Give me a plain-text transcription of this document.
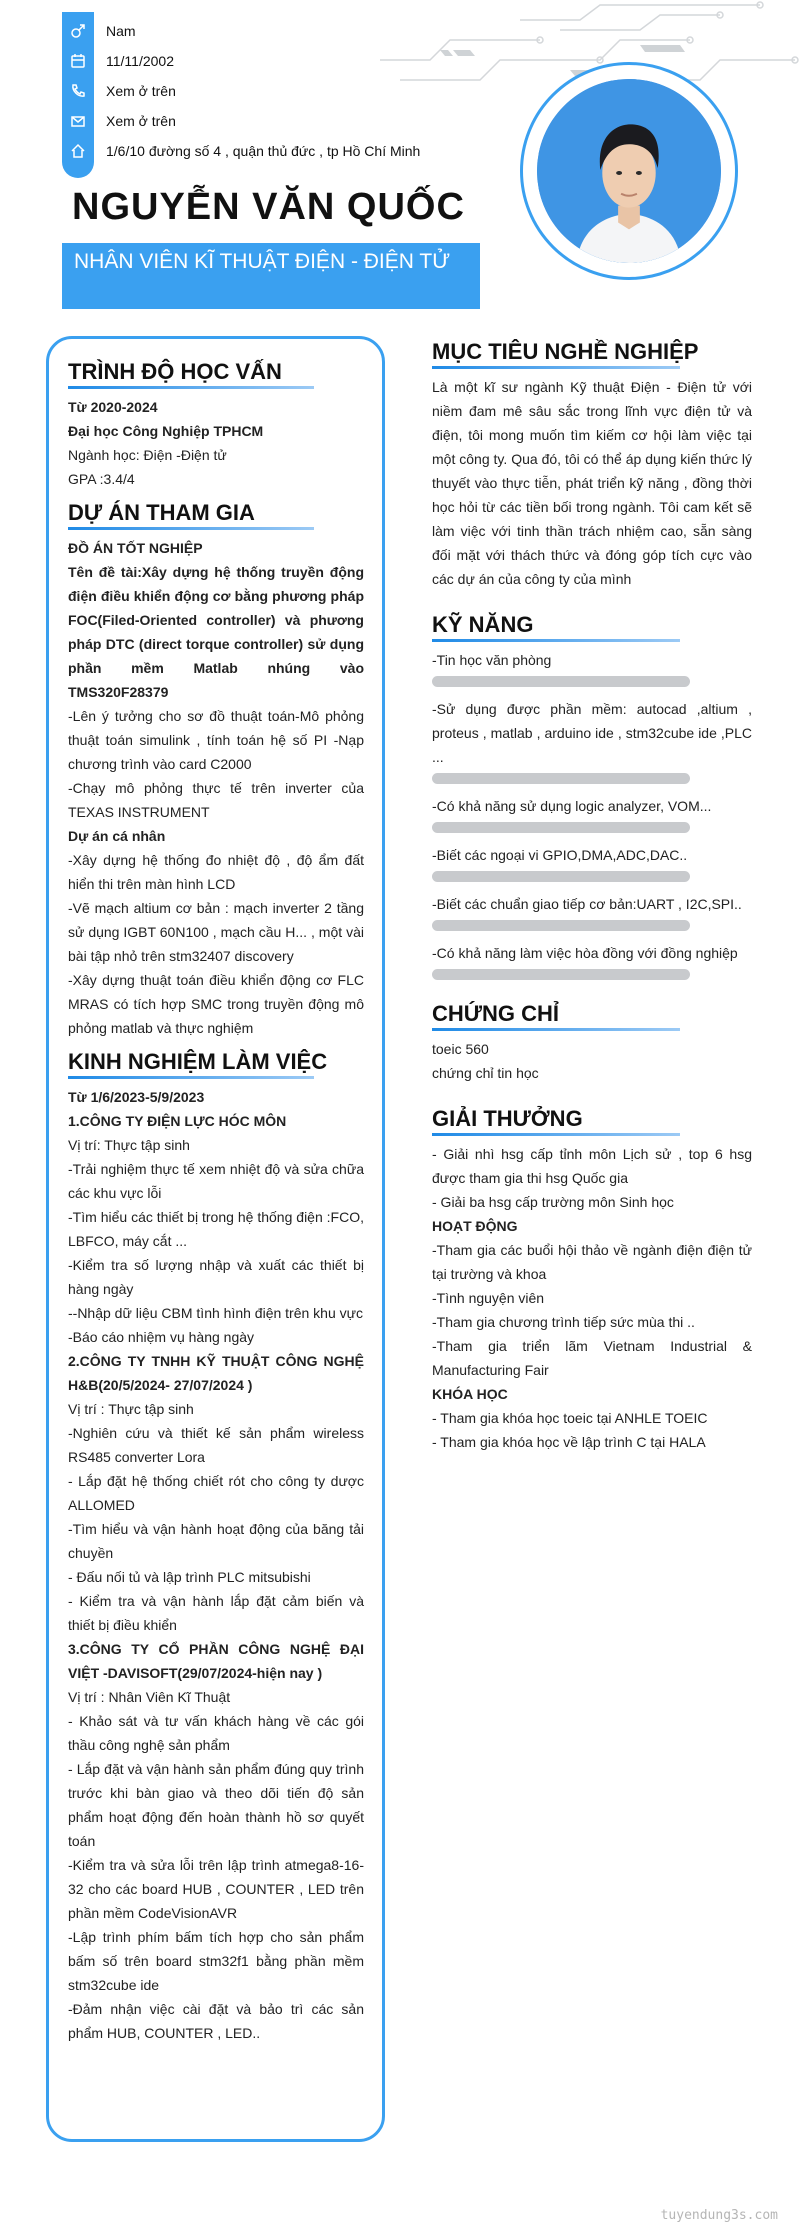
Nam
11/11/2002
Xem ở trên
Xem ở trên
1/6/10 đường số 4 , quận thủ đức , tp Hồ Chí Minh
NGUYỄN VĂN QUỐC
NHÂN VIÊN KĨ THUẬT ĐIỆN - ĐIỆN TỬ
TRÌNH ĐỘ HỌC VẤN
Từ 2020-2024
Đại học Công Nghiệp TPHCM
Ngành học: Điện -Điện tử
GPA :3.4/4
DỰ ÁN THAM GIA
ĐỒ ÁN TỐT NGHIỆP
Tên đề tài:Xây dựng hệ thống truyền động điện điều khiển động cơ bằng phương pháp FOC(Filed-Oriented controller) và phương pháp DTC (direct torque controller) sử dụng phần mềm Matlab nhúng vào TMS320F28379
-Lên ý tưởng cho sơ đồ thuật toán-Mô phỏng thuật toán simulink , tính toán hệ số PI -Nạp chương trình vào card C2000
-Chạy mô phỏng thực tế trên inverter của TEXAS INSTRUMENT
Dự án cá nhân
-Xây dựng hệ thống đo nhiệt độ , độ ẩm đất hiển thi trên màn hình LCD
-Vẽ mạch altium cơ bản : mạch inverter 2 tầng sử dụng IGBT 60N100 , mạch cầu H... , một vài bài tập nhỏ trên stm32407 discovery
-Xây dựng thuật toán điều khiển động cơ FLC MRAS có tích hợp SMC trong truyền động mô phỏng matlab và thực nghiệm
KINH NGHIỆM LÀM VIỆC
Từ 1/6/2023-5/9/2023
1.CÔNG TY ĐIỆN LỰC HÓC MÔN
Vị trí: Thực tập sinh
-Trải nghiệm thực tế xem nhiệt độ và sửa chữa các khu vực lỗi
-Tìm hiểu các thiết bị trong hệ thống điện :FCO, LBFCO, máy cắt ...
-Kiểm tra số lượng nhập và xuất các thiết bị hàng ngày
--Nhập dữ liệu CBM tình hình điện trên khu vực
-Báo cáo nhiệm vụ hàng ngày
2.CÔNG TY TNHH KỸ THUẬT CÔNG NGHỆ H&B(20/5/2024- 27/07/2024 )
Vị trí : Thực tập sinh
-Nghiên cứu và thiết kế sản phẩm wireless RS485 converter Lora
- Lắp đặt hệ thống chiết rót cho công ty dược ALLOMED
-Tìm hiểu và vận hành hoạt động của băng tải chuyền
- Đấu nối tủ và lập trình PLC mitsubishi
- Kiểm tra và vận hành lắp đặt cảm biến và thiết bị điều khiển
3.CÔNG TY CỔ PHẦN CÔNG NGHỆ ĐẠI VIỆT -DAVISOFT(29/07/2024-hiện nay )
Vị trí : Nhân Viên Kĩ Thuật
- Khảo sát và tư vấn khách hàng về các gói thầu công nghệ sản phẩm
- Lắp đặt và vận hành sản phẩm đúng quy trình trước khi bàn giao và theo dõi tiến độ sản phẩm hoạt động đến hoàn thành hồ sơ quyết toán
-Kiểm tra và sửa lỗi trên lập trình atmega8-16-32 cho các board HUB , COUNTER , LED trên phần mềm CodeVisionAVR
-Lập trình phím bấm tích hợp cho sản phẩm bấm số trên board stm32f1 bằng phần mềm stm32cube ide
-Đảm nhận việc cài đặt và bảo trì các sản phẩm HUB, COUNTER , LED..
MỤC TIÊU NGHỀ NGHIỆP
Là một kĩ sư ngành Kỹ thuật Điện - Điện tử với niềm đam mê sâu sắc trong lĩnh vực điện tử và điện, tôi mong muốn tìm kiếm cơ hội làm việc tại một công ty. Qua đó, tôi có thể áp dụng kiến thức lý thuyết vào thực tiễn, phát triển kỹ năng , đồng thời học hỏi từ các tiền bối trong ngành. Tôi cam kết sẽ làm việc với tinh thần trách nhiệm cao, sẵn sàng đối mặt với thách thức và đóng góp tích cực vào các dự án của công ty của mình
KỸ NĂNG
-Tin học văn phòng
-Sử dụng được phần mềm: autocad ,altium , proteus , matlab , arduino ide , stm32cube ide ,PLC ...
-Có khả năng sử dụng logic analyzer, VOM...
-Biết các ngoại vi GPIO,DMA,ADC,DAC..
-Biết các chuẩn giao tiếp cơ bản:UART , I2C,SPI..
-Có khả năng làm việc hòa đồng với đồng nghiệp
CHỨNG CHỈ
toeic 560
chứng chỉ tin học
GIẢI THƯỞNG
- Giải nhì hsg cấp tỉnh môn Lịch sử , top 6 hsg được tham gia thi hsg Quốc gia
- Giải ba hsg cấp trường môn Sinh học
HOẠT ĐỘNG
-Tham gia các buổi hội thảo về ngành điện điện tử tại trường và khoa
-Tình nguyện viên
-Tham gia chương trình tiếp sức mùa thi ..
-Tham gia triển lãm Vietnam Industrial & Manufacturing Fair
KHÓA HỌC
- Tham gia khóa học toeic tại ANHLE TOEIC
- Tham gia khóa học về lập trình C tại HALA
tuyendung3s.com
